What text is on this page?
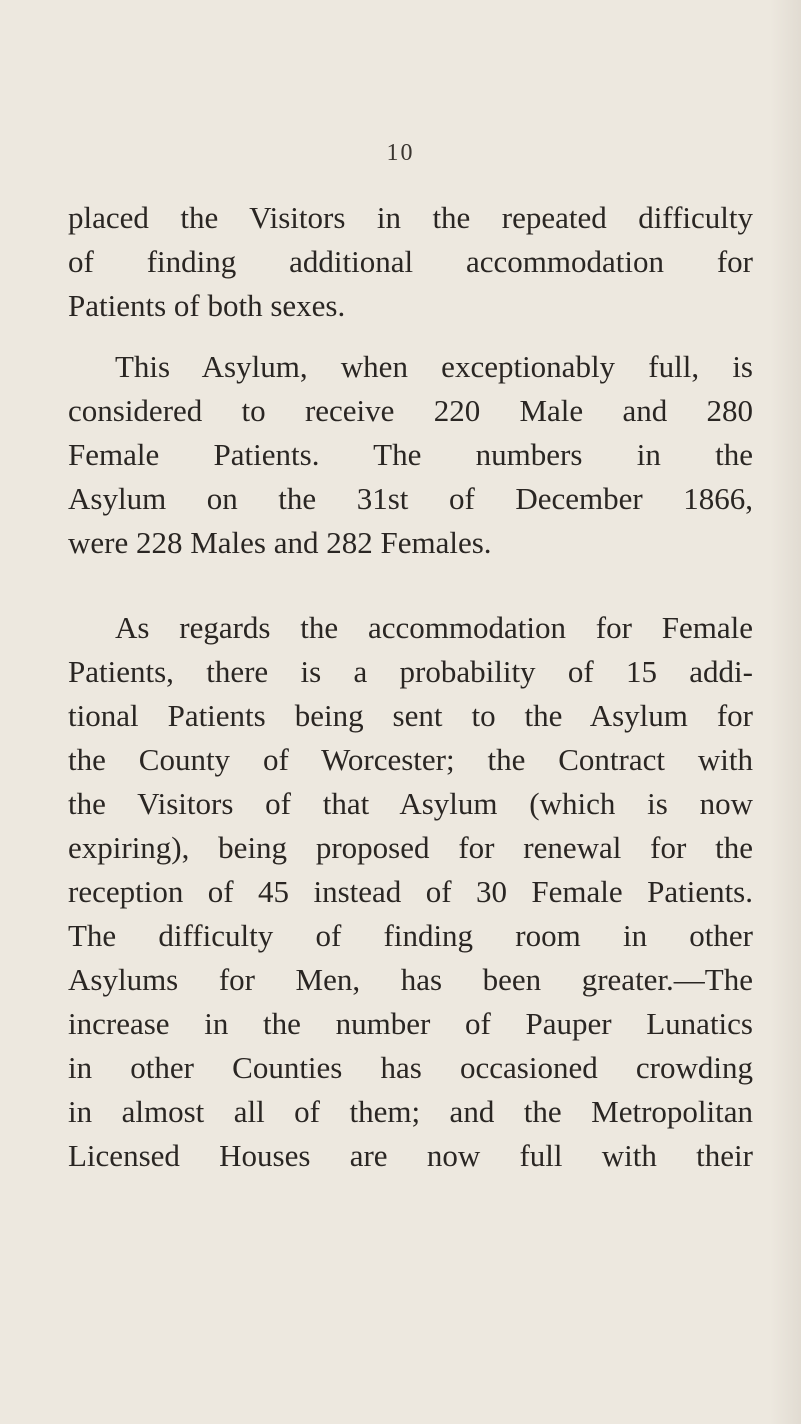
10
placed the Visitors in the repeated difficulty
of finding additional accommodation for
Patients of both sexes.
This Asylum, when exceptionably full, is
considered to receive 220 Male and 280
Female Patients. The numbers in the
Asylum on the 31st of December 1866,
were 228 Males and 282 Females.
As regards the accommodation for Female
Patients, there is a probability of 15 addi-
tional Patients being sent to the Asylum for
the County of Worcester; the Contract with
the Visitors of that Asylum (which is now
expiring), being proposed for renewal for the
reception of 45 instead of 30 Female Patients.
The difficulty of finding room in other
Asylums for Men, has been greater.—The
increase in the number of Pauper Lunatics
in other Counties has occasioned crowding
in almost all of them; and the Metropolitan
Licensed Houses are now full with their
